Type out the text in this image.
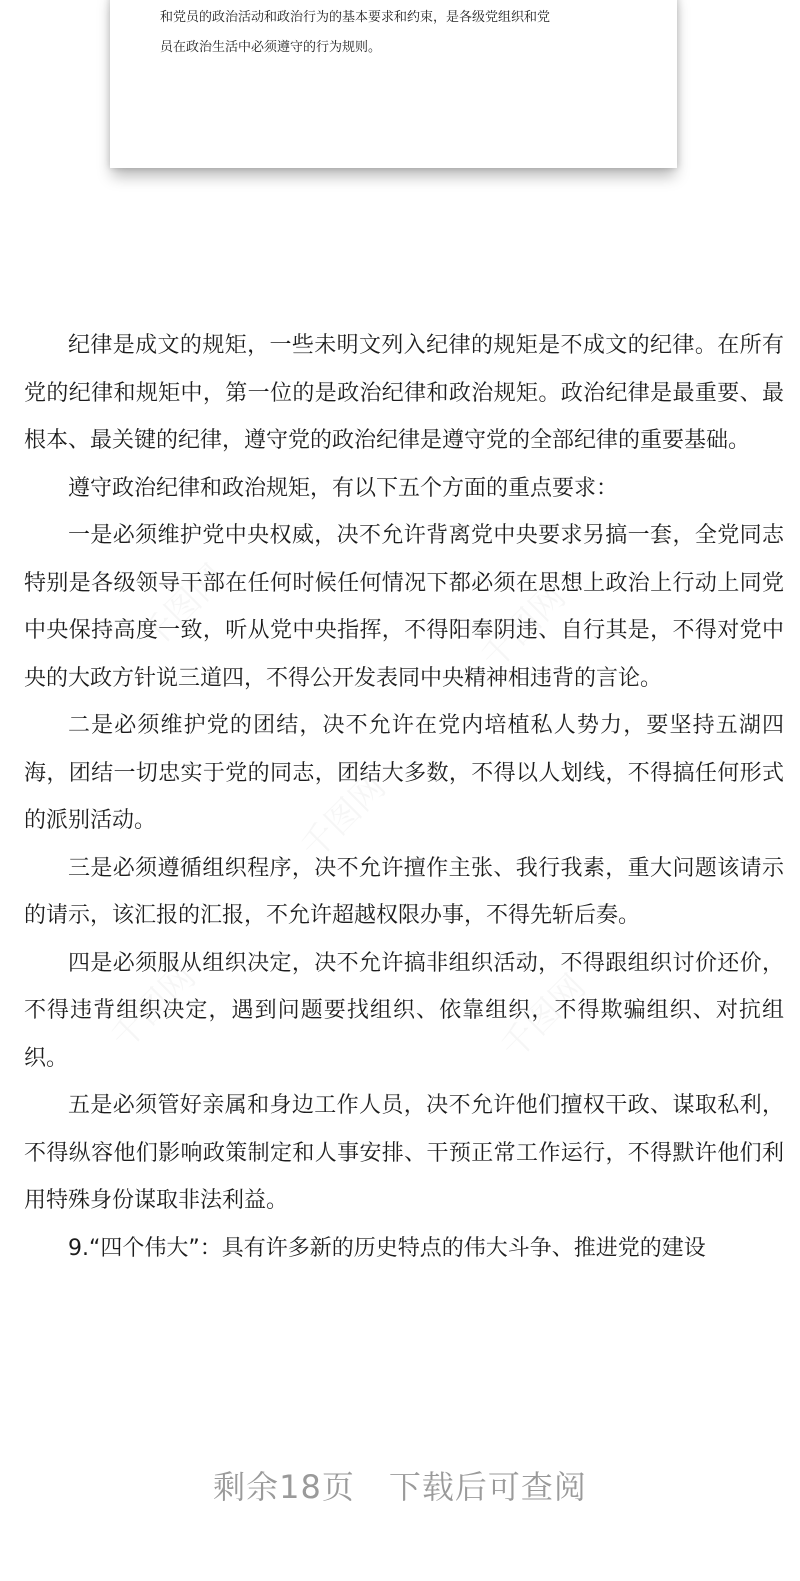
和党员的政治活动和政治行为的基本要求和约束，是各级党组织和党
员在政治生活中必须遵守的行为规则。

纪律是成文的规矩，一些未明文列入纪律的规矩是不成文的纪律。在所有党的纪律和规矩中，第一位的是政治纪律和政治规矩。政治纪律是最重要、最根本、最关键的纪律，遵守党的政治纪律是遵守党的全部纪律的重要基础。

遵守政治纪律和政治规矩，有以下五个方面的重点要求：

一是必须维护党中央权威，决不允许背离党中央要求另搞一套，全党同志特别是各级领导干部在任何时候任何情况下都必须在思想上政治上行动上同党中央保持高度一致，听从党中央指挥，不得阳奉阴违、自行其是，不得对党中央的大政方针说三道四，不得公开发表同中央精神相违背的言论。

二是必须维护党的团结，决不允许在党内培植私人势力，要坚持五湖四海，团结一切忠实于党的同志，团结大多数，不得以人划线，不得搞任何形式的派别活动。

三是必须遵循组织程序，决不允许擅作主张、我行我素，重大问题该请示的请示，该汇报的汇报，不允许超越权限办事，不得先斩后奏。

四是必须服从组织决定，决不允许搞非组织活动，不得跟组织讨价还价，不得违背组织决定，遇到问题要找组织、依靠组织，不得欺骗组织、对抗组织。

五是必须管好亲属和身边工作人员，决不允许他们擅权干政、谋取私利，不得纵容他们影响政策制定和人事安排、干预正常工作运行，不得默许他们利用特殊身份谋取非法利益。

9.“四个伟大”：具有许多新的历史特点的伟大斗争、推进党的建设

剩余18页 下载后可查阅
